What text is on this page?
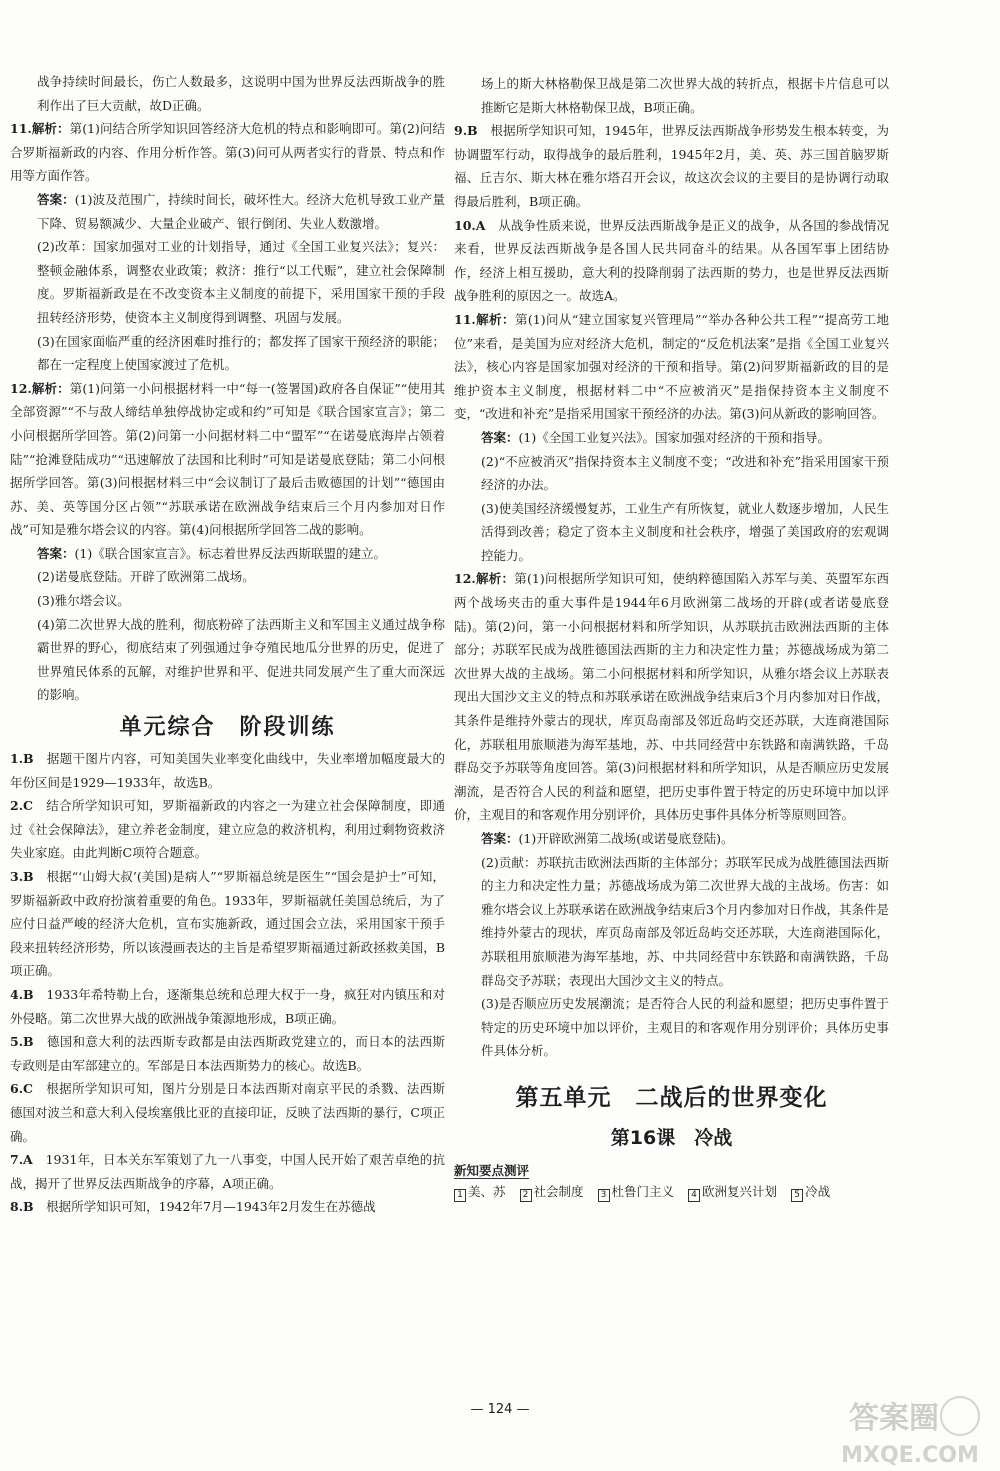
战争持续时间最长，伤亡人数最多，这说明中国为世界反法西斯战争的胜利作出了巨大贡献，故D正确。

11.解析：第(1)问结合所学知识回答经济大危机的特点和影响即可。第(2)问结合罗斯福新政的内容、作用分析作答。第(3)问可从两者实行的背景、特点和作用等方面作答。

答案：(1)波及范围广，持续时间长，破坏性大。经济大危机导致工业产量下降、贸易额减少、大量企业破产、银行倒闭、失业人数激增。

(2)改革：国家加强对工业的计划指导，通过《全国工业复兴法》；复兴：整顿金融体系，调整农业政策；救济：推行“以工代赈”，建立社会保障制度。罗斯福新政是在不改变资本主义制度的前提下，采用国家干预的手段扭转经济形势，使资本主义制度得到调整、巩固与发展。

(3)在国家面临严重的经济困难时推行的；都发挥了国家干预经济的职能；都在一定程度上使国家渡过了危机。

12.解析：第(1)问第一小问根据材料一中“每一(签署国)政府各自保证”“使用其全部资源”“不与敌人缔结单独停战协定或和约”可知是《联合国家宣言》；第二小问根据所学回答。第(2)问第一小问据材料二中“盟军”“在诺曼底海岸占领着陆”“抢滩登陆成功”“迅速解放了法国和比利时”可知是诺曼底登陆；第二小问根据所学回答。第(3)问根据材料三中“会议制订了最后击败德国的计划”“德国由苏、美、英等国分区占领”“苏联承诺在欧洲战争结束后三个月内参加对日作战”可知是雅尔塔会议的内容。第(4)问根据所学回答二战的影响。

答案：(1)《联合国家宣言》。标志着世界反法西斯联盟的建立。

(2)诺曼底登陆。开辟了欧洲第二战场。

(3)雅尔塔会议。

(4)第二次世界大战的胜利，彻底粉碎了法西斯主义和军国主义通过战争称霸世界的野心，彻底结束了列强通过争夺殖民地瓜分世界的历史，促进了世界殖民体系的瓦解，对维护世界和平、促进共同发展产生了重大而深远的影响。

单元综合　阶段训练

1.B　 据题干图片内容，可知美国失业率变化曲线中，失业率增加幅度最大的年份区间是1929—1933年，故选B。

2.C　 结合所学知识可知，罗斯福新政的内容之一为建立社会保障制度，即通过《社会保障法》，建立养老金制度，建立应急的救济机构，利用过剩物资救济失业家庭。由此判断C项符合题意。

3.B　 根据“‘山姆大叔’(美国)是病人”“罗斯福总统是医生”“国会是护士”可知，罗斯福新政中政府扮演着重要的角色。1933年，罗斯福就任美国总统后，为了应付日益严峻的经济大危机，宣布实施新政，通过国会立法，采用国家干预手段来扭转经济形势，所以该漫画表达的主旨是希望罗斯福通过新政拯救美国，B项正确。

4.B　 1933年希特勒上台，逐渐集总统和总理大权于一身，疯狂对内镇压和对外侵略。第二次世界大战的欧洲战争策源地形成，B项正确。

5.B　 德国和意大利的法西斯专政都是由法西斯政党建立的，而日本的法西斯专政则是由军部建立的。军部是日本法西斯势力的核心。故选B。

6.C　 根据所学知识可知，图片分别是日本法西斯对南京平民的杀戮、法西斯德国对波兰和意大利入侵埃塞俄比亚的直接印证，反映了法西斯的暴行，C项正确。

7.A　 1931年，日本关东军策划了九一八事变，中国人民开始了艰苦卓绝的抗战，揭开了世界反法西斯战争的序幕，A项正确。

8.B　 根据所学知识可知，1942年7月—1943年2月发生在苏德战

场上的斯大林格勒保卫战是第二次世界大战的转折点，根据卡片信息可以推断它是斯大林格勒保卫战，B项正确。

9.B　 根据所学知识可知，1945年，世界反法西斯战争形势发生根本转变，为协调盟军行动，取得战争的最后胜利，1945年2月，美、英、苏三国首脑罗斯福、丘吉尔、斯大林在雅尔塔召开会议，故这次会议的主要目的是协调行动取得最后胜利，B项正确。

10.A　 从战争性质来说，世界反法西斯战争是正义的战争，从各国的参战情况来看，世界反法西斯战争是各国人民共同奋斗的结果。从各国军事上团结协作，经济上相互援助，意大利的投降削弱了法西斯的势力，也是世界反法西斯战争胜利的原因之一。故选A。

11.解析：第(1)问从“建立国家复兴管理局”“举办各种公共工程”“提高劳工地位”来看，是美国为应对经济大危机，制定的“反危机法案”是指《全国工业复兴法》，核心内容是国家加强对经济的干预和指导。第(2)问罗斯福新政的目的是维护资本主义制度，根据材料二中“不应被消灭”是指保持资本主义制度不变，“改进和补充”是指采用国家干预经济的办法。第(3)问从新政的影响回答。

答案：(1)《全国工业复兴法》。国家加强对经济的干预和指导。

(2)“不应被消灭”指保持资本主义制度不变；“改进和补充”指采用国家干预经济的办法。

(3)使美国经济缓慢复苏，工业生产有所恢复，就业人数逐步增加，人民生活得到改善；稳定了资本主义制度和社会秩序，增强了美国政府的宏观调控能力。

12.解析：第(1)问根据所学知识可知，使纳粹德国陷入苏军与美、英盟军东西两个战场夹击的重大事件是1944年6月欧洲第二战场的开辟(或者诺曼底登陆)。第(2)问，第一小问根据材料和所学知识，从苏联抗击欧洲法西斯的主体部分；苏联军民成为战胜德国法西斯的主力和决定性力量；苏德战场成为第二次世界大战的主战场。第二小问根据材料和所学知识，从雅尔塔会议上苏联表现出大国沙文主义的特点和苏联承诺在欧洲战争结束后3个月内参加对日作战，其条件是维持外蒙古的现状，库页岛南部及邻近岛屿交还苏联，大连商港国际化，苏联租用旅顺港为海军基地，苏、中共同经营中东铁路和南满铁路，千岛群岛交予苏联等角度回答。第(3)问根据材料和所学知识，从是否顺应历史发展潮流，是否符合人民的利益和愿望，把历史事件置于特定的历史环境中加以评价，主观目的和客观作用分别评价，具体历史事件具体分析等原则回答。

答案：(1)开辟欧洲第二战场(或诺曼底登陆)。

(2)贡献：苏联抗击欧洲法西斯的主体部分；苏联军民成为战胜德国法西斯的主力和决定性力量；苏德战场成为第二次世界大战的主战场。伤害：如雅尔塔会议上苏联承诺在欧洲战争结束后3个月内参加对日作战，其条件是维持外蒙古的现状，库页岛南部及邻近岛屿交还苏联，大连商港国际化，苏联租用旅顺港为海军基地，苏、中共同经营中东铁路和南满铁路，千岛群岛交予苏联；表现出大国沙文主义的特点。

(3)是否顺应历史发展潮流；是否符合人民的利益和愿望；把历史事件置于特定的历史环境中加以评价，主观目的和客观作用分别评价；具体历史事件具体分析。

第五单元　二战后的世界变化
第16课　冷战
新知要点测评
1 美、苏	2 社会制度	3 杜鲁门主义	4 欧洲复兴计划	5 冷战
— 124 —	答案圈
MXQE.COM
